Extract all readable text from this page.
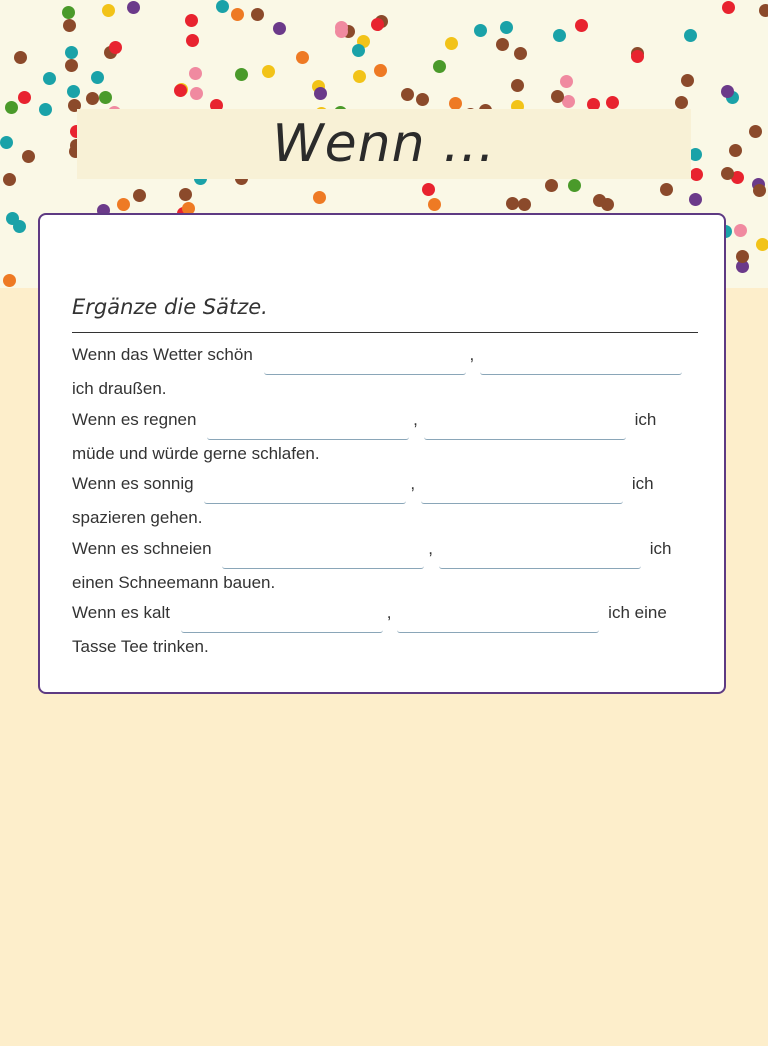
Wenn ...
Ergänze die Sätze.
Wenn das Wetter schön	,
ich draußen.
Wenn es regnen	,	ich
müde und würde gerne schlafen.
Wenn es sonnig	,	ich
spazieren gehen.
Wenn es schneien	,	ich
einen Schneemann bauen.
Wenn es kalt	,	ich eine
Tasse Tee trinken.
